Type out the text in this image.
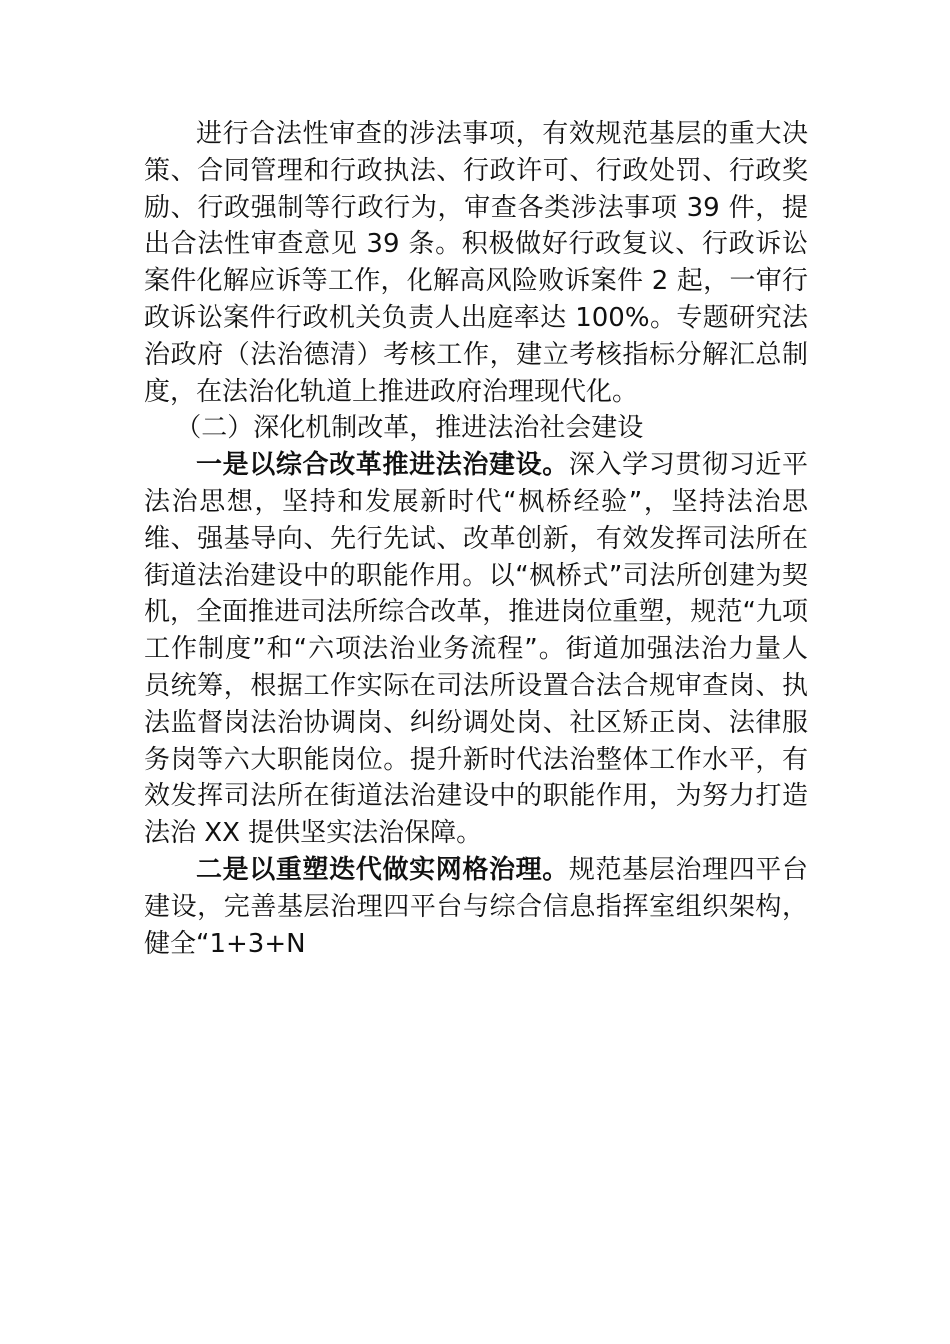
进行合法性审查的涉法事项，有效规范基层的重大决策、合同管理和行政执法、行政许可、行政处罚、行政奖励、行政强制等行政行为，审查各类涉法事项 39 件，提出合法性审查意见 39 条。积极做好行政复议、行政诉讼案件化解应诉等工作，化解高风险败诉案件 2 起，一审行政诉讼案件行政机关负责人出庭率达 100%。专题研究法治政府（法治德清）考核工作，建立考核指标分解汇总制度，在法治化轨道上推进政府治理现代化。

（二）深化机制改革，推进法治社会建设

一是以综合改革推进法治建设。深入学习贯彻习近平法治思想，坚持和发展新时代“枫桥经验”，坚持法治思维、强基导向、先行先试、改革创新，有效发挥司法所在街道法治建设中的职能作用。以“枫桥式”司法所创建为契机，全面推进司法所综合改革，推进岗位重塑，规范“九项工作制度”和“六项法治业务流程”。街道加强法治力量人员统筹，根据工作实际在司法所设置合法合规审查岗、执法监督岗法治协调岗、纠纷调处岗、社区矫正岗、法律服务岗等六大职能岗位。提升新时代法治整体工作水平，有效发挥司法所在街道法治建设中的职能作用，为努力打造法治 XX 提供坚实法治保障。

二是以重塑迭代做实网格治理。规范基层治理四平台建设，完善基层治理四平台与综合信息指挥室组织架构，健全“1+3+N
